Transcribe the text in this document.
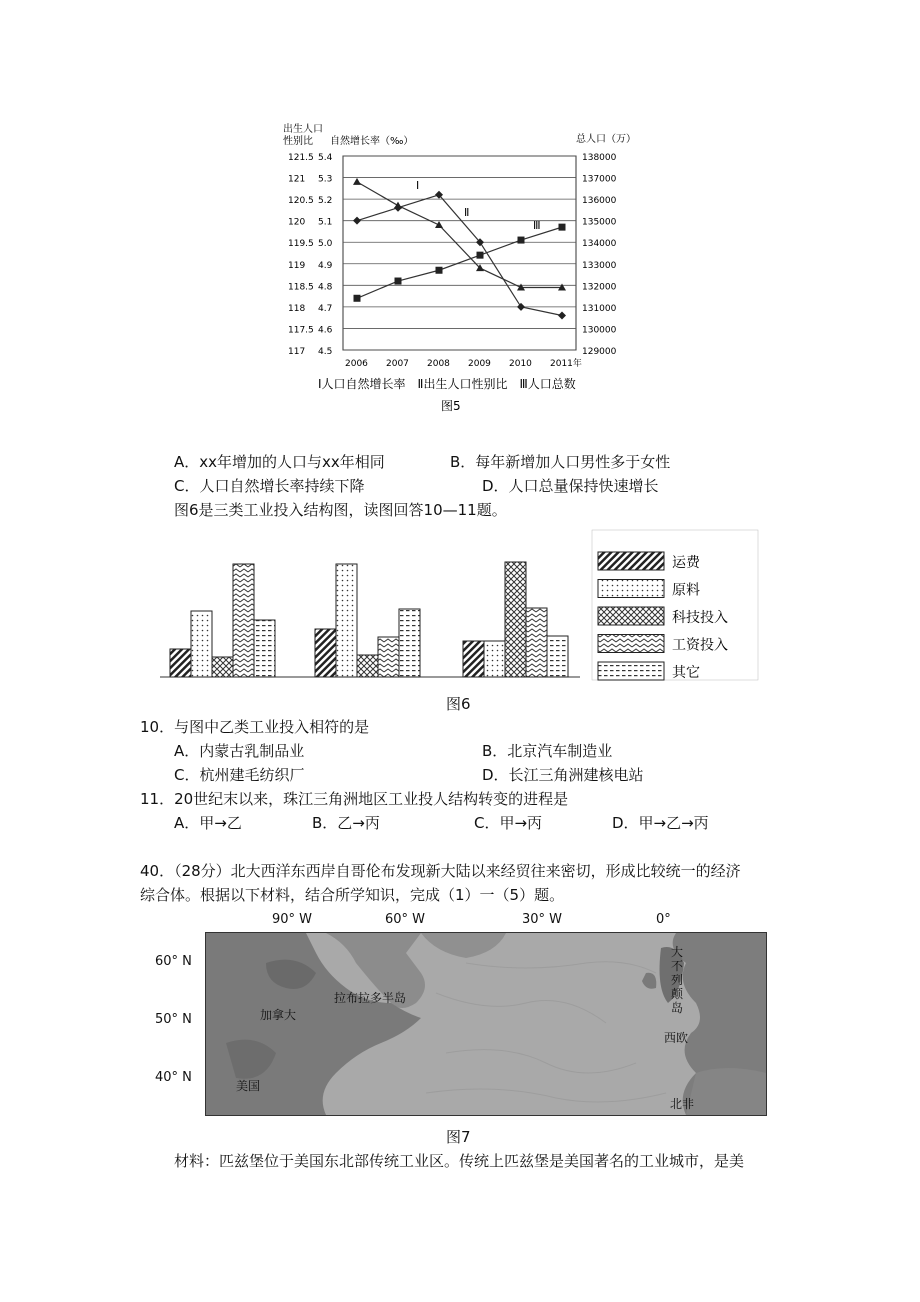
出生人口
性别比 自然增长率（‰）	总人口（万）
121.5 5.4	138000
121 5.3	137000
120.5 5.2	136000
120 5.1	135000
119.5 5.0	134000
119 4.9	133000
118.5 4.8	132000
118 4.7	131000
117.5 4.6	130000
117 4.5	129000
2006 2007 2008 2009 2010 2011年
Ⅰ
Ⅱ
Ⅲ
Ⅰ人口自然增长率　Ⅱ出生人口性别比　Ⅲ人口总数
图5
A．xx年增加的人口与xx年相同	B．每年新增加人口男性多于女性
C．人口自然增长率持续下降	D．人口总量保持快速增长
图6是三类工业投入结构图，读图回答10—11题。
运费
原料
科技投入
工资投入
其它
图6
10．与图中乙类工业投入相符的是
A．内蒙古乳制品业	B．北京汽车制造业
C．杭州建毛纺织厂	D．长江三角洲建核电站
11．20世纪末以来，珠江三角洲地区工业投人结构转变的进程是
A．甲→乙	B．乙→丙	C．甲→丙	D．甲→乙→丙
40．（28分）北大西洋东西岸自哥伦布发现新大陆以来经贸往来密切，形成比较统一的经济
综合体。根据以下材料，结合所学知识，完成（1）一（5）题。
90° W	60° W	30° W	0°
60° N
50° N
40° N
拉布拉多半岛
加拿大
美国
大不列颠岛
西欧
北非
图7
材料：匹兹堡位于美国东北部传统工业区。传统上匹兹堡是美国著名的工业城市，是美
